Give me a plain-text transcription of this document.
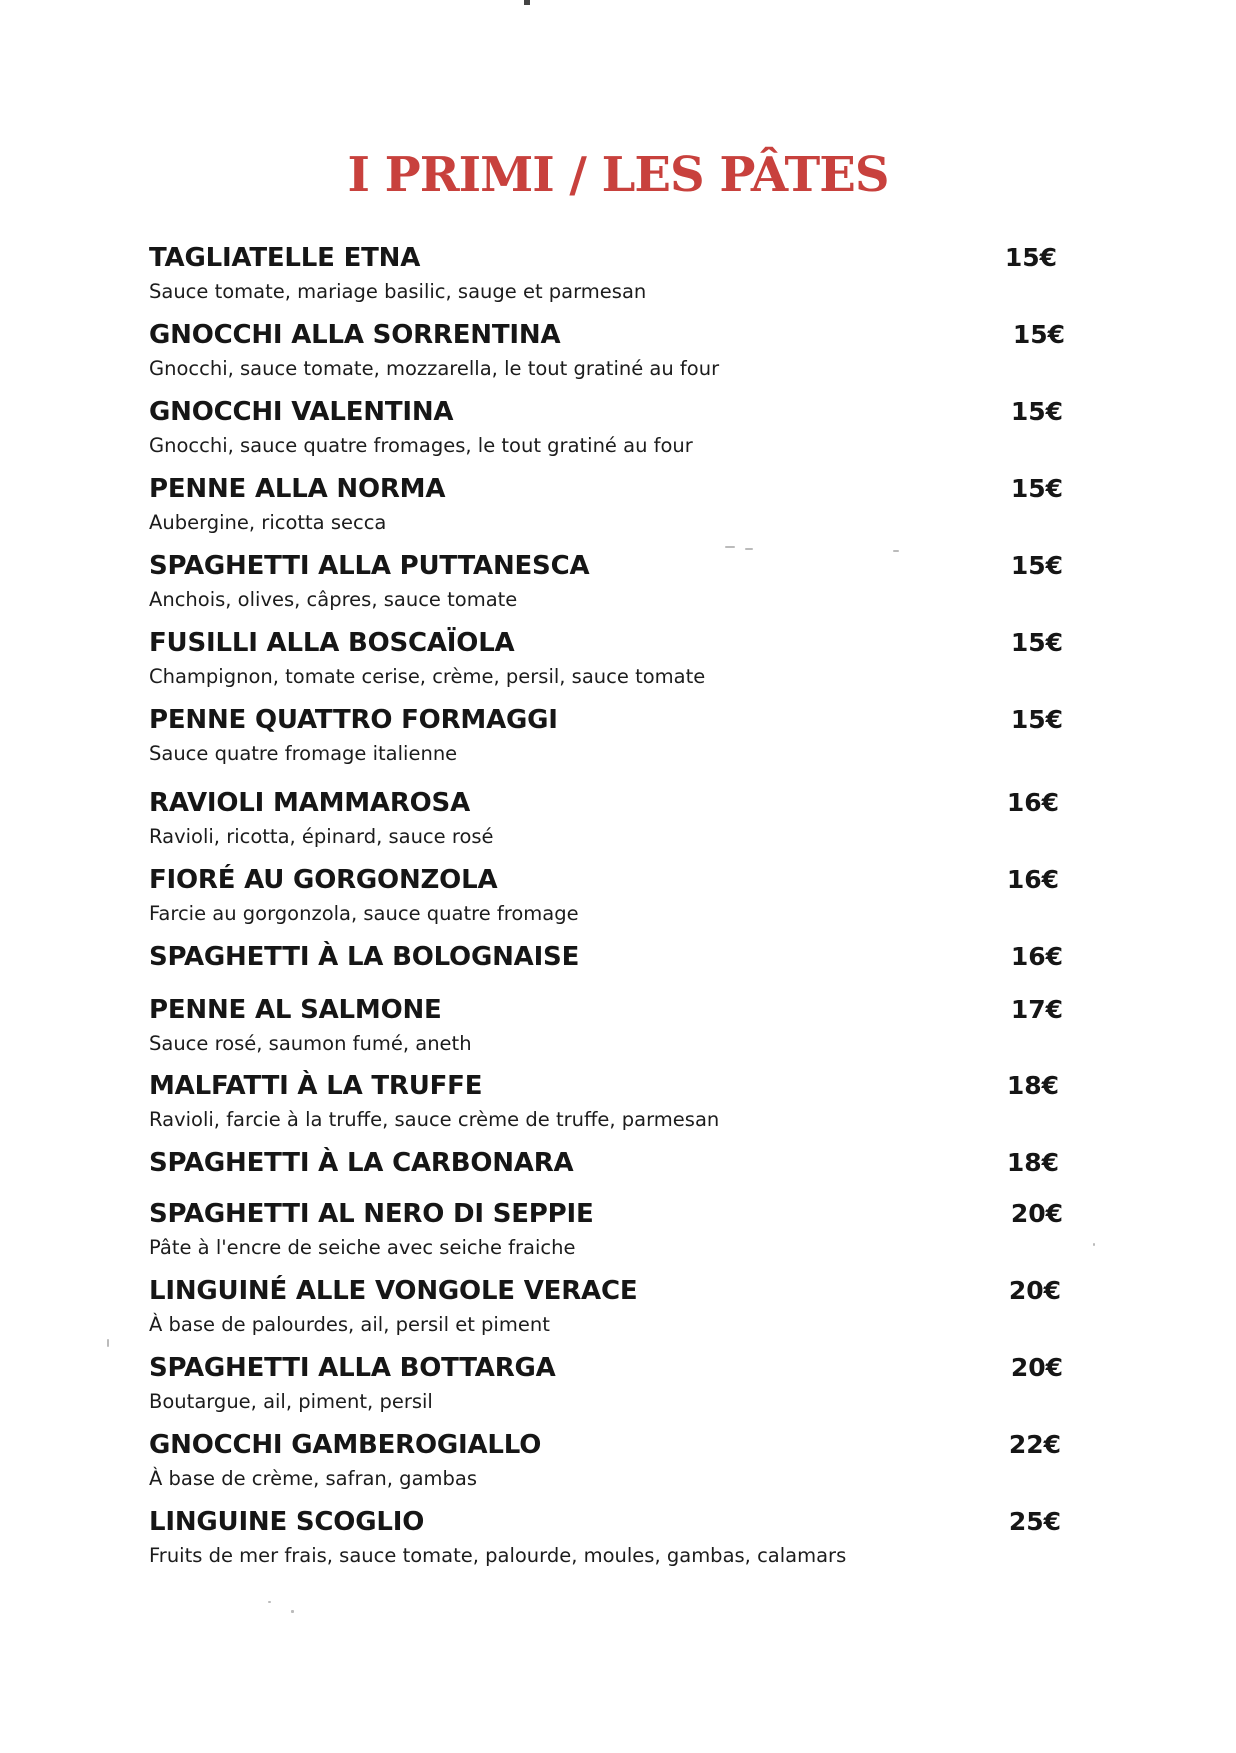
I PRIMI / LES PÂTES
TAGLIATELLE ETNA	15€
Sauce tomate, mariage basilic, sauge et parmesan
GNOCCHI ALLA SORRENTINA	15€
Gnocchi, sauce tomate, mozzarella, le tout gratiné au four
GNOCCHI VALENTINA	15€
Gnocchi, sauce quatre fromages, le tout gratiné au four
PENNE ALLA NORMA	15€
Aubergine, ricotta secca
SPAGHETTI ALLA PUTTANESCA	15€
Anchois, olives, câpres, sauce tomate
FUSILLI ALLA BOSCAÏOLA	15€
Champignon, tomate cerise, crème, persil, sauce tomate
PENNE QUATTRO FORMAGGI	15€
Sauce quatre fromage italienne
RAVIOLI MAMMAROSA	16€
Ravioli, ricotta, épinard, sauce rosé
FIORÉ AU GORGONZOLA	16€
Farcie au gorgonzola, sauce quatre fromage
SPAGHETTI À LA BOLOGNAISE	16€
PENNE AL SALMONE	17€
Sauce rosé, saumon fumé, aneth
MALFATTI À LA TRUFFE	18€
Ravioli, farcie à la truffe, sauce crème de truffe, parmesan
SPAGHETTI À LA CARBONARA	18€
SPAGHETTI AL NERO DI SEPPIE	20€
Pâte à l'encre de seiche avec seiche fraiche
LINGUINÉ ALLE VONGOLE VERACE	20€
À base de palourdes, ail, persil et piment
SPAGHETTI ALLA BOTTARGA	20€
Boutargue, ail, piment, persil
GNOCCHI GAMBEROGIALLO	22€
À base de crème, safran, gambas
LINGUINE SCOGLIO	25€
Fruits de mer frais, sauce tomate, palourde, moules, gambas, calamars
